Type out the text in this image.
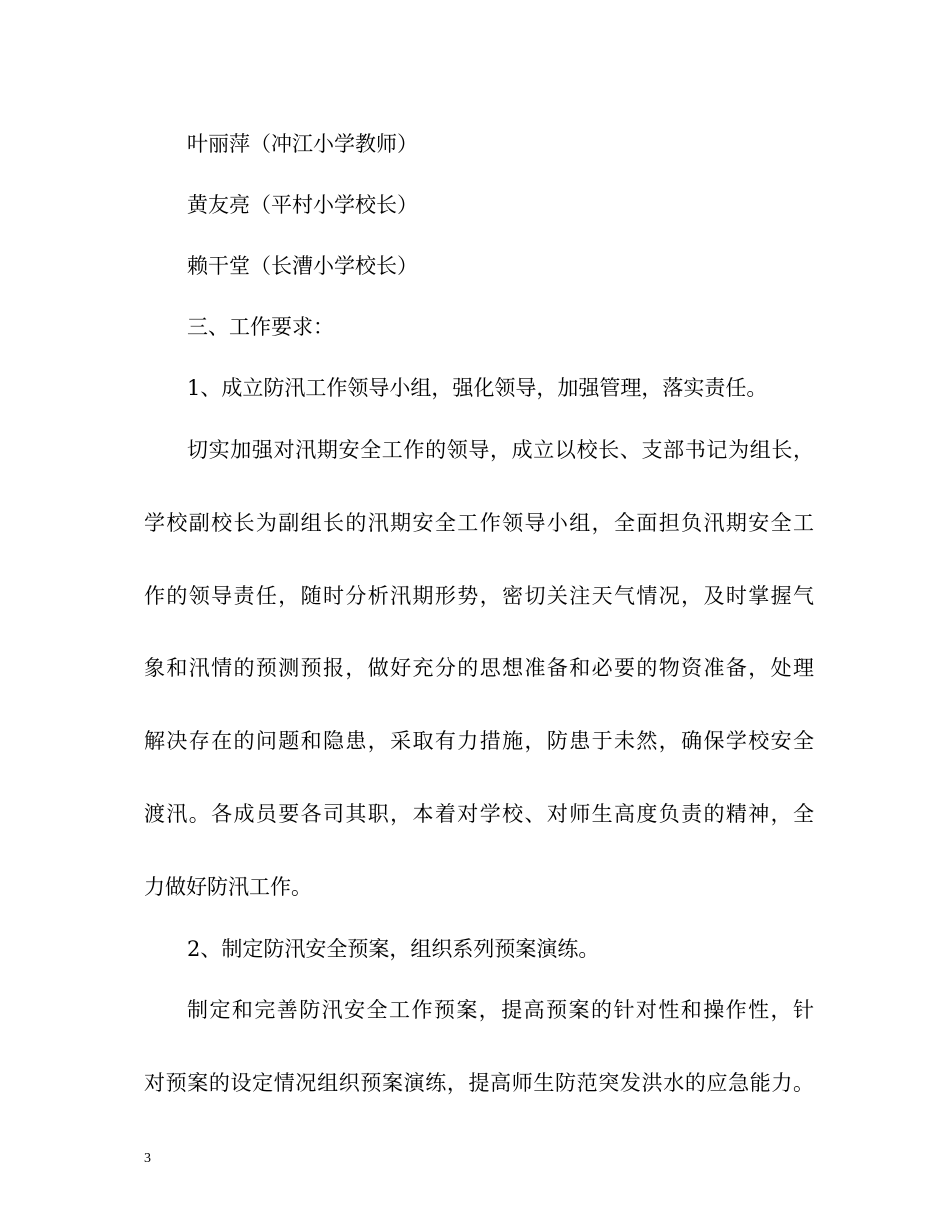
叶丽萍（冲江小学教师）
黄友亮（平村小学校长）
赖干堂（长漕小学校长）
三、工作要求：
1、成立防汛工作领导小组，强化领导，加强管理，落实责任。
切实加强对汛期安全工作的领导，成立以校长、支部书记为组长，
学校副校长为副组长的汛期安全工作领导小组，全面担负汛期安全工
作的领导责任，随时分析汛期形势，密切关注天气情况，及时掌握气
象和汛情的预测预报，做好充分的思想准备和必要的物资准备，处理
解决存在的问题和隐患，采取有力措施，防患于未然，确保学校安全
渡汛。各成员要各司其职，本着对学校、对师生高度负责的精神，全
力做好防汛工作。
2、制定防汛安全预案，组织系列预案演练。
制定和完善防汛安全工作预案，提高预案的针对性和操作性，针
对预案的设定情况组织预案演练，提高师生防范突发洪水的应急能力。
3
